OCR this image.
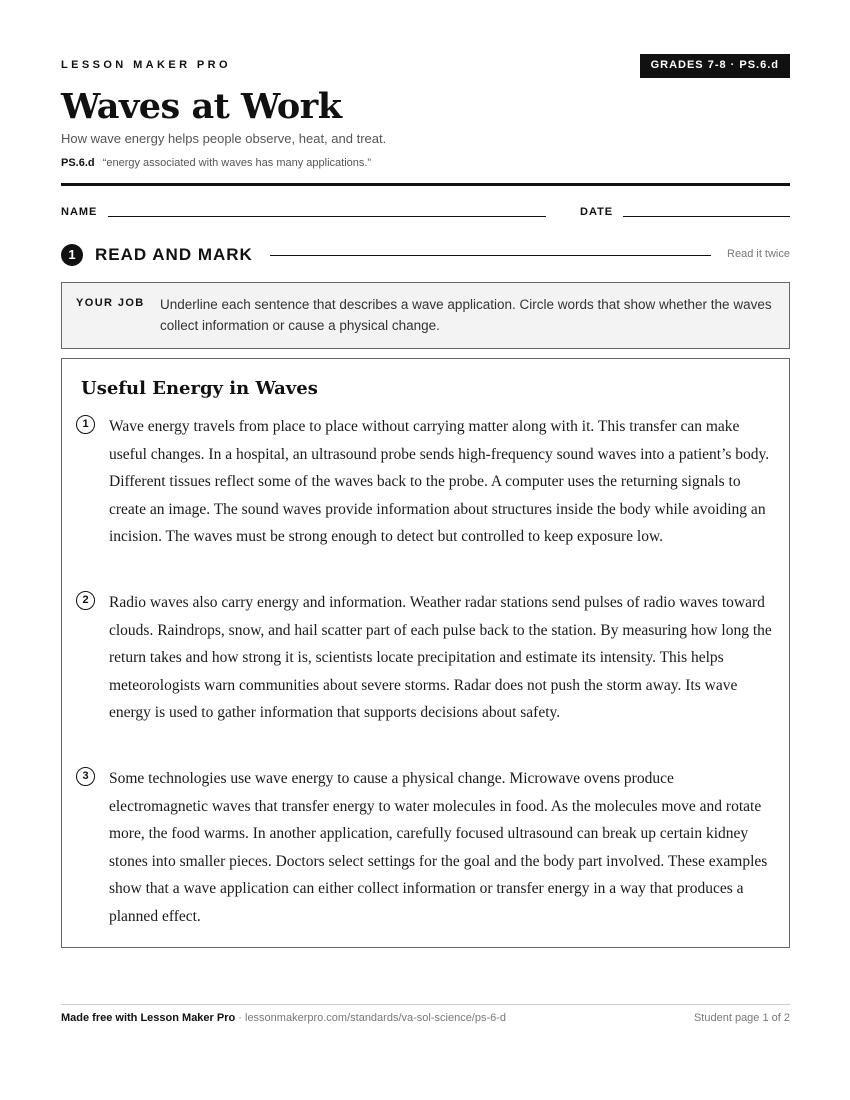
LESSON MAKER PRO	GRADES 7-8 · PS.6.d
Waves at Work
How wave energy helps people observe, heat, and treat.
PS.6.d “energy associated with waves has many applications.”
NAME	DATE
1	READ AND MARK	Read it twice
YOUR JOB Underline each sentence that describes a wave application. Circle words that show whether the waves collect information or cause a physical change.
Useful Energy in Waves
1	Wave energy travels from place to place without carrying matter along with it. This transfer can make useful changes. In a hospital, an ultrasound probe sends high-frequency sound waves into a patient’s body. Different tissues reflect some of the waves back to the probe. A computer uses the returning signals to create an image. The sound waves provide information about structures inside the body while avoiding an incision. The waves must be strong enough to detect but controlled to keep exposure low.

2	Radio waves also carry energy and information. Weather radar stations send pulses of radio waves toward clouds. Raindrops, snow, and hail scatter part of each pulse back to the station. By measuring how long the return takes and how strong it is, scientists locate precipitation and estimate its intensity. This helps meteorologists warn communities about severe storms. Radar does not push the storm away. Its wave energy is used to gather information that supports decisions about safety.

3	Some technologies use wave energy to cause a physical change. Microwave ovens produce electromagnetic waves that transfer energy to water molecules in food. As the molecules move and rotate more, the food warms. In another application, carefully focused ultrasound can break up certain kidney stones into smaller pieces. Doctors select settings for the goal and the body part involved. These examples show that a wave application can either collect information or transfer energy in a way that produces a planned effect.

Made free with Lesson Maker Pro · lessonmakerpro.com/standards/va-sol-science/ps-6-d	Student page 1 of 2
